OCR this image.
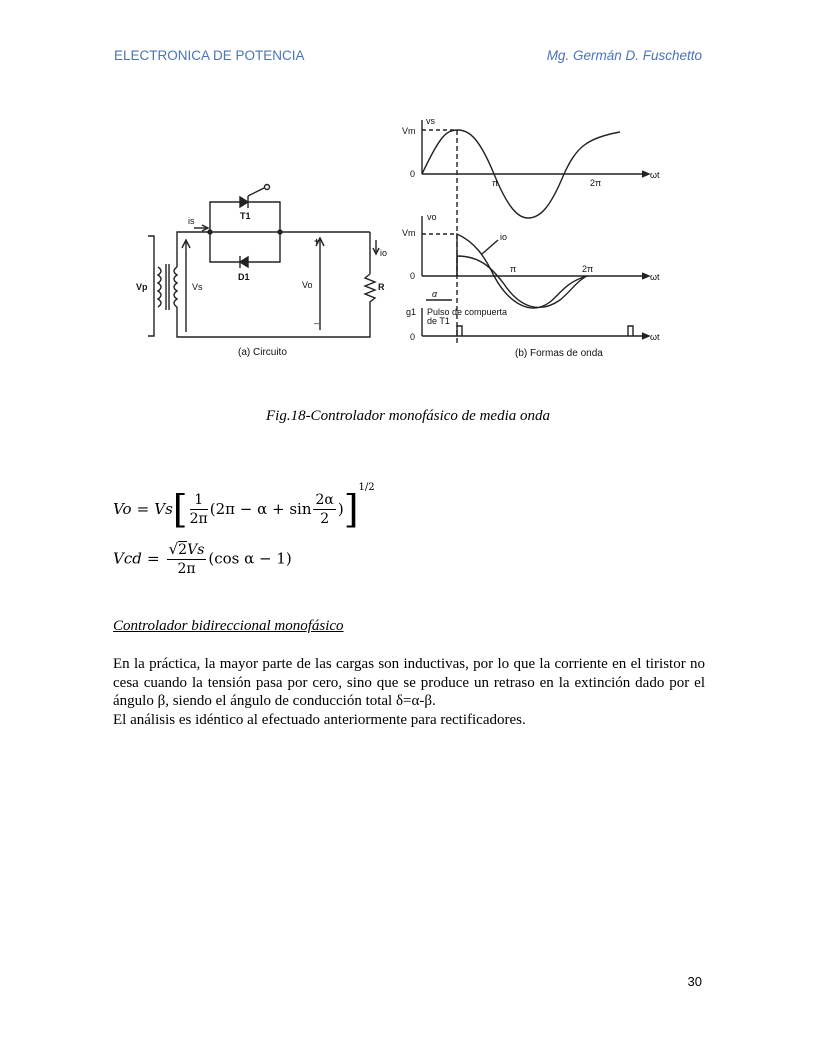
ELECTRONICA DE POTENCIA	Mg. Germán D. Fuschetto
Vp	Vs
is	T1
D1
Vo
io
R
+
–
(a) Circuito
vs
Vm
0
π	2π
ωt
vo
Vm	io
0
π	2π
ωt
α
g1 Pulso de compuerta
de T1
0	ωt
(b) Formas de onda
Fig.18-Controlador monofásico de media onda
$Vo = Vs[ \frac{1}{2\pi} (2\pi - \alpha + \sin \frac{2\alpha}{2} )]^{1/2}$
Vcd = $\frac{√2Vs}{2\pi} (\cos$ α − 1)
Controlador bidireccional monofásico

En la práctica, la mayor parte de las cargas son inductivas, por lo que la corriente en el tiristor no cesa cuando la tensión pasa por cero, sino que se produce un retraso en la extinción dado por el ángulo β, siendo el ángulo de conducción total δ=α-β.

El análisis es idéntico al efectuado anteriormente para rectificadores.

30
